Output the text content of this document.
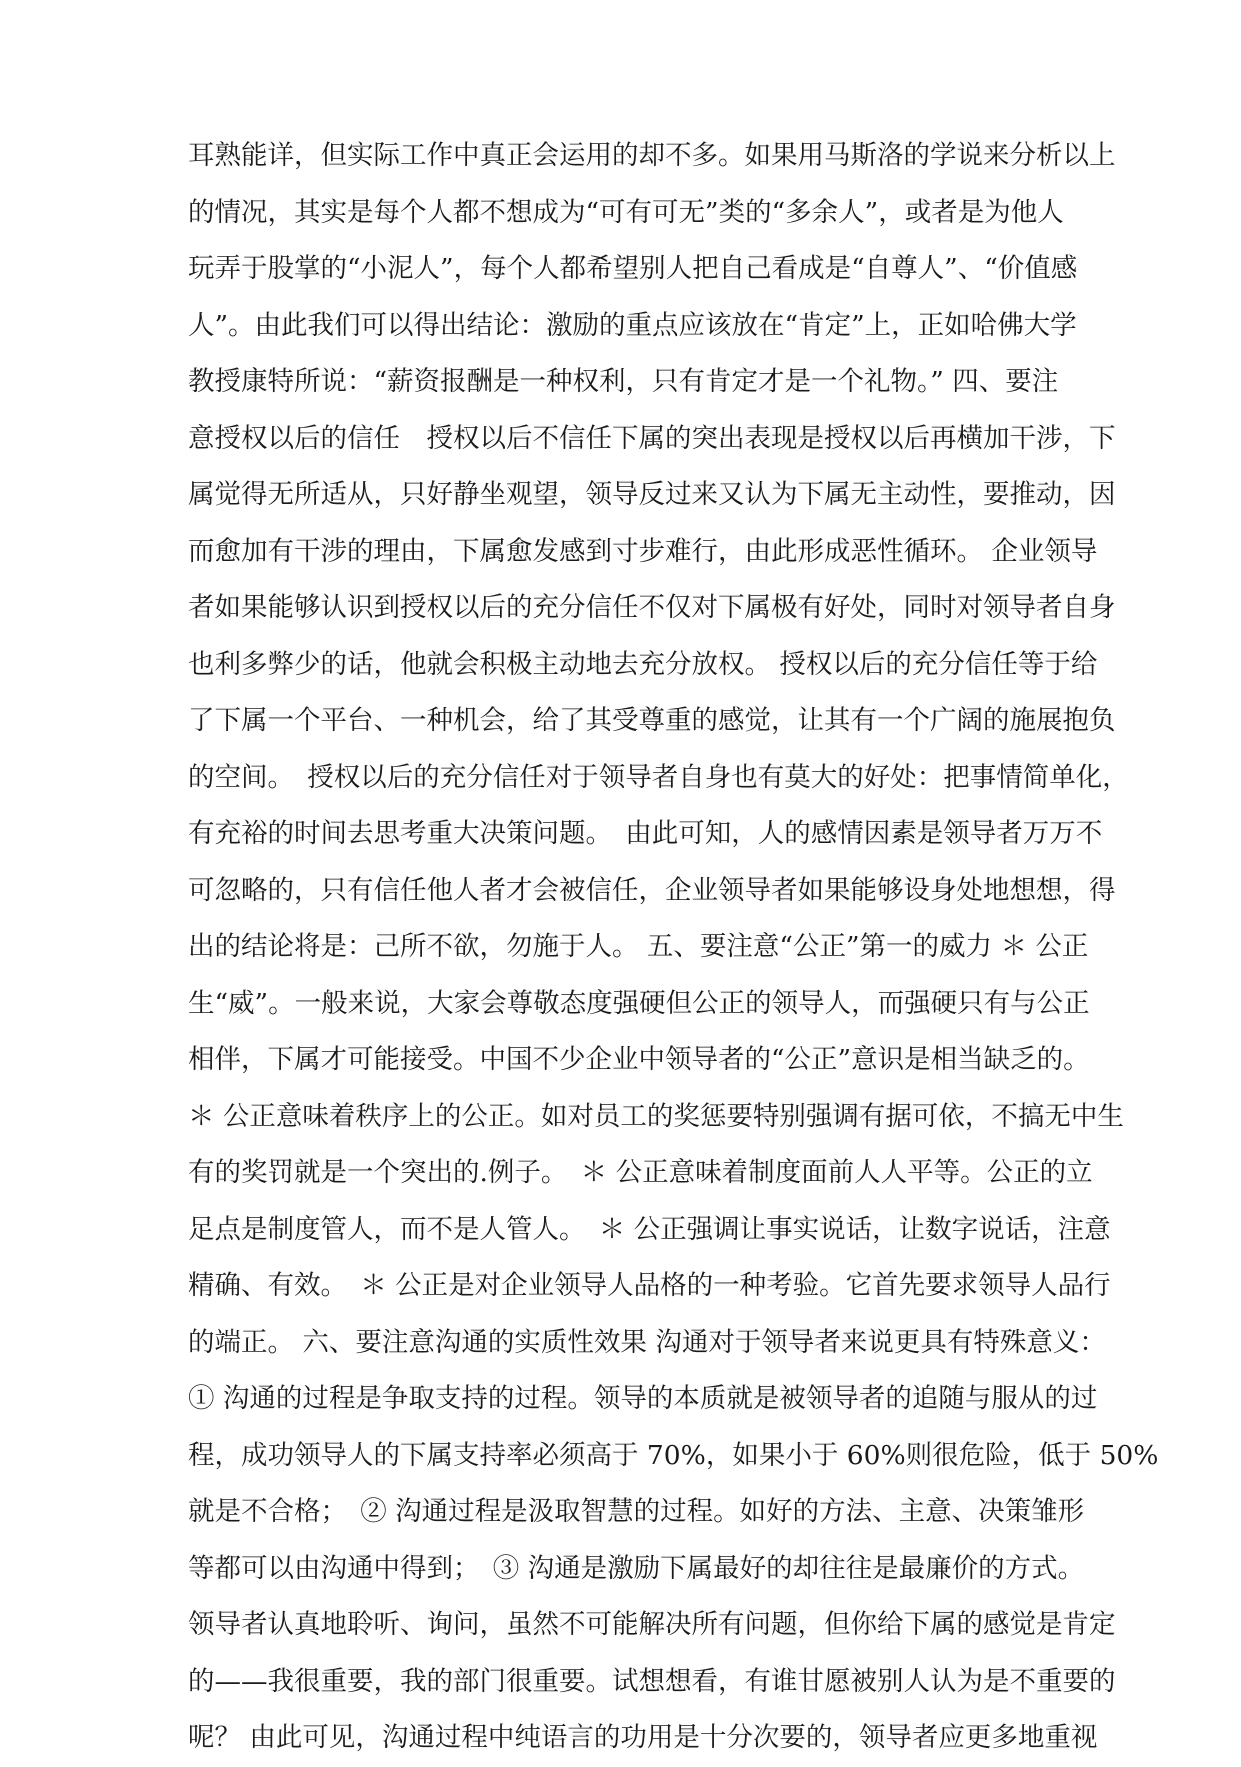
耳熟能详，但实际工作中真正会运用的却不多。如果用马斯洛的学说来分析以上
的情况，其实是每个人都不想成为“可有可无”类的“多余人”，或者是为他人
玩弄于股掌的“小泥人”，每个人都希望别人把自己看成是“自尊人”、“价值感
人”。由此我们可以得出结论：激励的重点应该放在“肯定”上，正如哈佛大学
教授康特所说：“薪资报酬是一种权利，只有肯定才是一个礼物。” 四、要注
意授权以后的信任　授权以后不信任下属的突出表现是授权以后再横加干涉，下
属觉得无所适从，只好静坐观望，领导反过来又认为下属无主动性，要推动，因
而愈加有干涉的理由，下属愈发感到寸步难行，由此形成恶性循环。 企业领导
者如果能够认识到授权以后的充分信任不仅对下属极有好处，同时对领导者自身
也利多弊少的话，他就会积极主动地去充分放权。 授权以后的充分信任等于给
了下属一个平台、一种机会，给了其受尊重的感觉，让其有一个广阔的施展抱负
的空间。　授权以后的充分信任对于领导者自身也有莫大的好处：把事情简单化，
有充裕的时间去思考重大决策问题。　由此可知，人的感情因素是领导者万万不
可忽略的，只有信任他人者才会被信任，企业领导者如果能够设身处地想想，得
出的结论将是：己所不欲，勿施于人。 五、要注意“公正”第一的威力 ＊ 公正
生“威”。一般来说，大家会尊敬态度强硬但公正的领导人，而强硬只有与公正
相伴，下属才可能接受。中国不少企业中领导者的“公正”意识是相当缺乏的。
＊ 公正意味着秩序上的公正。如对员工的奖惩要特别强调有据可依，不搞无中生
有的奖罚就是一个突出的.例子。　＊ 公正意味着制度面前人人平等。公正的立
足点是制度管人，而不是人管人。　＊ 公正强调让事实说话，让数字说话，注意
精确、有效。　＊ 公正是对企业领导人品格的一种考验。它首先要求领导人品行
的端正。 六、要注意沟通的实质性效果 沟通对于领导者来说更具有特殊意义：
① 沟通的过程是争取支持的过程。领导的本质就是被领导者的追随与服从的过
程，成功领导人的下属支持率必须高于 70%，如果小于 60%则很危险，低于 50%
就是不合格；　② 沟通过程是汲取智慧的过程。如好的方法、主意、决策雏形
等都可以由沟通中得到；　③ 沟通是激励下属最好的却往往是最廉价的方式。
领导者认真地聆听、询问，虽然不可能解决所有问题，但你给下属的感觉是肯定
的——我很重要，我的部门很重要。试想想看，有谁甘愿被别人认为是不重要的
呢？ 由此可见，沟通过程中纯语言的功用是十分次要的，领导者应更多地重视
